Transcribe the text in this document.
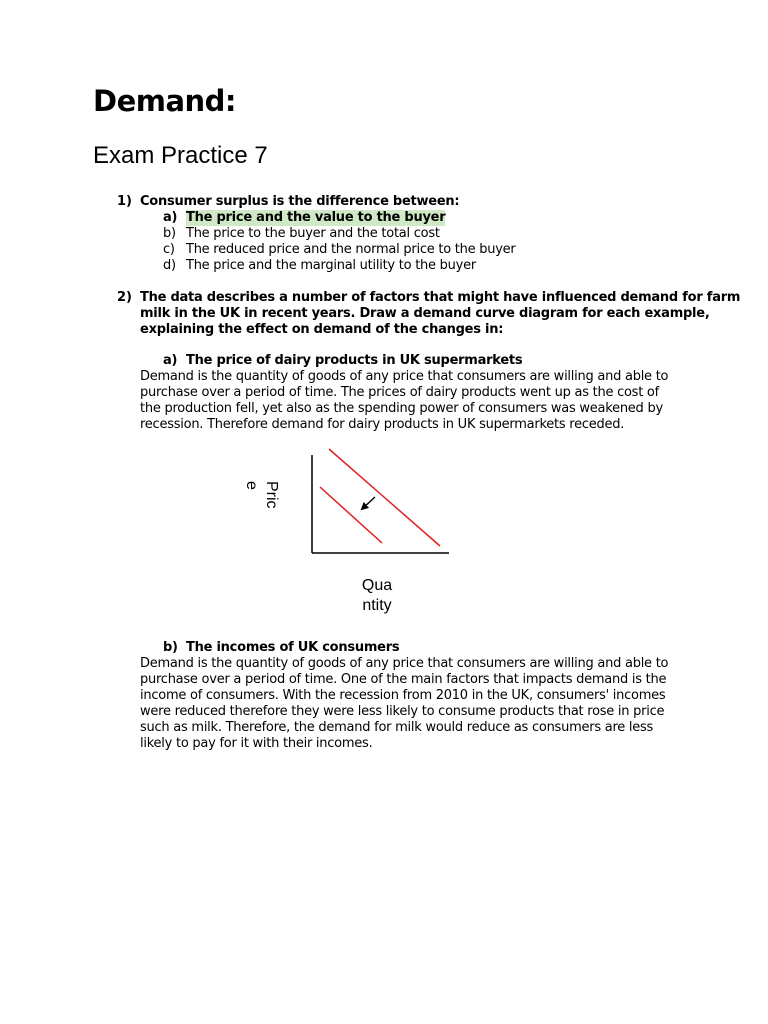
Demand:
Exam Practice 7
1) Consumer surplus is the difference between:
a) The price and the value to the buyer
b) The price to the buyer and the total cost
c) The reduced price and the normal price to the buyer
d) The price and the marginal utility to the buyer
2) The data describes a number of factors that might have influenced demand for farm
milk in the UK in recent years. Draw a demand curve diagram for each example,
explaining the effect on demand of the changes in:
a) The price of dairy products in UK supermarkets
Demand is the quantity of goods of any price that consumers are willing and able to
purchase over a period of time. The prices of dairy products went up as the cost of
the production fell, yet also as the spending power of consumers was weakened by
recession. Therefore demand for dairy products in UK supermarkets receded.
Pric
e
Qua
ntity
b) The incomes of UK consumers
Demand is the quantity of goods of any price that consumers are willing and able to
purchase over a period of time. One of the main factors that impacts demand is the
income of consumers. With the recession from 2010 in the UK, consumers' incomes
were reduced therefore they were less likely to consume products that rose in price
such as milk. Therefore, the demand for milk would reduce as consumers are less
likely to pay for it with their incomes.
